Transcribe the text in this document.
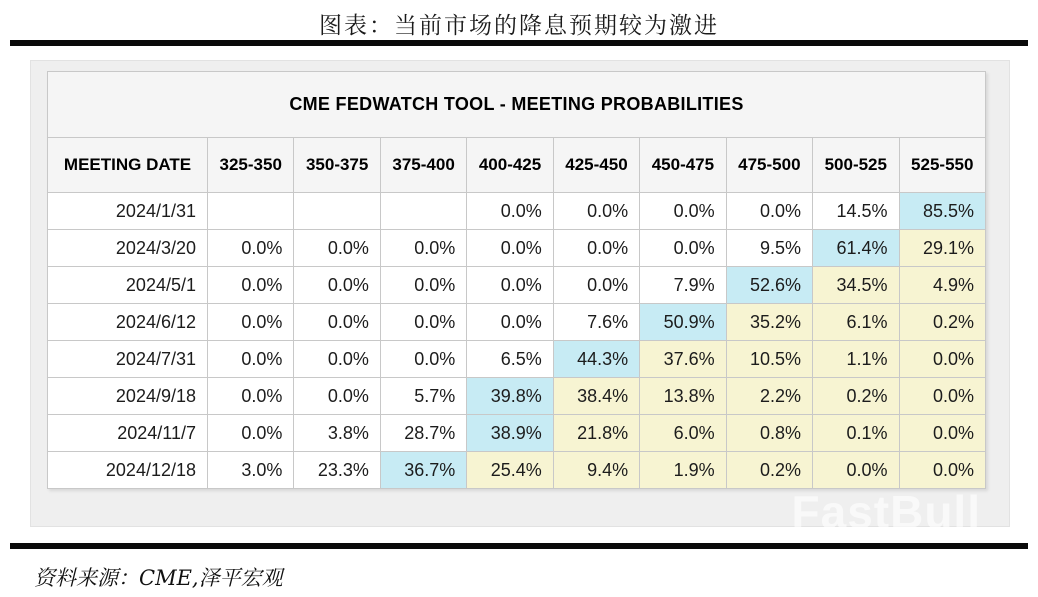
图表：当前市场的降息预期较为激进
CME FEDWATCH TOOL - MEETING PROBABILITIES									
MEETING DATE	325-350	350-375	375-400	400-425	425-450	450-475	475-500	500-525	525-550
2024/1/31				0.0%	0.0%	0.0%	0.0%	14.5%	85.5%
2024/3/20	0.0%	0.0%	0.0%	0.0%	0.0%	0.0%	9.5%	61.4%	29.1%
2024/5/1	0.0%	0.0%	0.0%	0.0%	0.0%	7.9%	52.6%	34.5%	4.9%
2024/6/12	0.0%	0.0%	0.0%	0.0%	7.6%	50.9%	35.2%	6.1%	0.2%
2024/7/31	0.0%	0.0%	0.0%	6.5%	44.3%	37.6%	10.5%	1.1%	0.0%
2024/9/18	0.0%	0.0%	5.7%	39.8%	38.4%	13.8%	2.2%	0.2%	0.0%
2024/11/7	0.0%	3.8%	28.7%	38.9%	21.8%	6.0%	0.8%	0.1%	0.0%
2024/12/18	3.0%	23.3%	36.7%	25.4%	9.4%	1.9%	0.2%	0.0%	0.0%
FastBull
资料来源：CME,泽平宏观
